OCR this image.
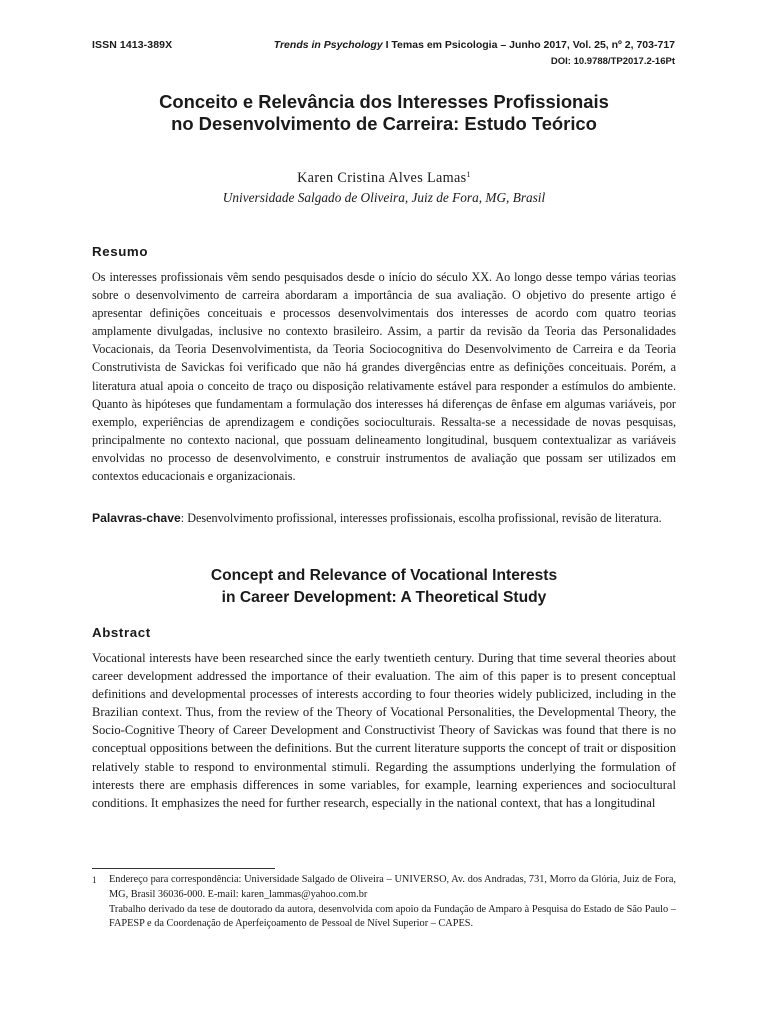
ISSN 1413-389X	Trends in Psychology I Temas em Psicologia – Junho 2017, Vol. 25, nº 2, 703-717
DOI: 10.9788/TP2017.2-16Pt
Conceito e Relevância dos Interesses Profissionais
no Desenvolvimento de Carreira: Estudo Teórico
Karen Cristina Alves Lamas$^1$
Universidade Salgado de Oliveira, Juiz de Fora, MG, Brasil
Resumo
Os interesses profissionais vêm sendo pesquisados desde o início do século XX. Ao longo desse tempo várias teorias sobre o desenvolvimento de carreira abordaram a importância de sua avaliação. O objetivo do presente artigo é apresentar definições conceituais e processos desenvolvimentais dos interesses de acordo com quatro teorias amplamente divulgadas, inclusive no contexto brasileiro. Assim, a partir da revisão da Teoria das Personalidades Vocacionais, da Teoria Desenvolvimentista, da Teoria Sociocognitiva do Desenvolvimento de Carreira e da Teoria Construtivista de Savickas foi verificado que não há grandes divergências entre as definições conceituais. Porém, a literatura atual apoia o conceito de traço ou disposição relativamente estável para responder a estímulos do ambiente. Quanto às hipóteses que fundamentam a formulação dos interesses há diferenças de ênfase em algumas variáveis, por exemplo, experiências de aprendizagem e condições socioculturais. Ressalta-se a necessidade de novas pesquisas, principalmente no contexto nacional, que possuam delineamento longitudinal, busquem contextualizar as variáveis envolvidas no processo de desenvolvimento, e construir instrumentos de avaliação que possam ser utilizados em contextos educacionais e organizacionais.
Palavras-chave: Desenvolvimento profissional, interesses profissionais, escolha profissional, revisão de literatura.
Concept and Relevance of Vocational Interests
in Career Development: A Theoretical Study
Abstract
Vocational interests have been researched since the early twentieth century. During that time several theories about career development addressed the importance of their evaluation. The aim of this paper is to present conceptual definitions and developmental processes of interests according to four theories widely publicized, including in the Brazilian context. Thus, from the review of the Theory of Vocational Personalities, the Developmental Theory, the Socio-Cognitive Theory of Career Development and Constructivist Theory of Savickas was found that there is no conceptual oppositions between the definitions. But the current literature supports the concept of trait or disposition relatively stable to respond to environmental stimuli. Regarding the assumptions underlying the formulation of interests there are emphasis differences in some variables, for example, learning experiences and sociocultural conditions. It emphasizes the need for further research, especially in the national context, that has a longitudinal
1	Endereço para correspondência: Universidade Salgado de Oliveira – UNIVERSO, Av. dos Andradas, 731, Morro da Glória, Juiz de Fora, MG, Brasil 36036-000. E-mail: karen_lammas@yahoo.com.br

Trabalho derivado da tese de doutorado da autora, desenvolvida com apoio da Fundação de Amparo à Pesquisa do Estado de São Paulo – FAPESP e da Coordenação de Aperfeiçoamento de Pessoal de Nível Superior – CAPES.
